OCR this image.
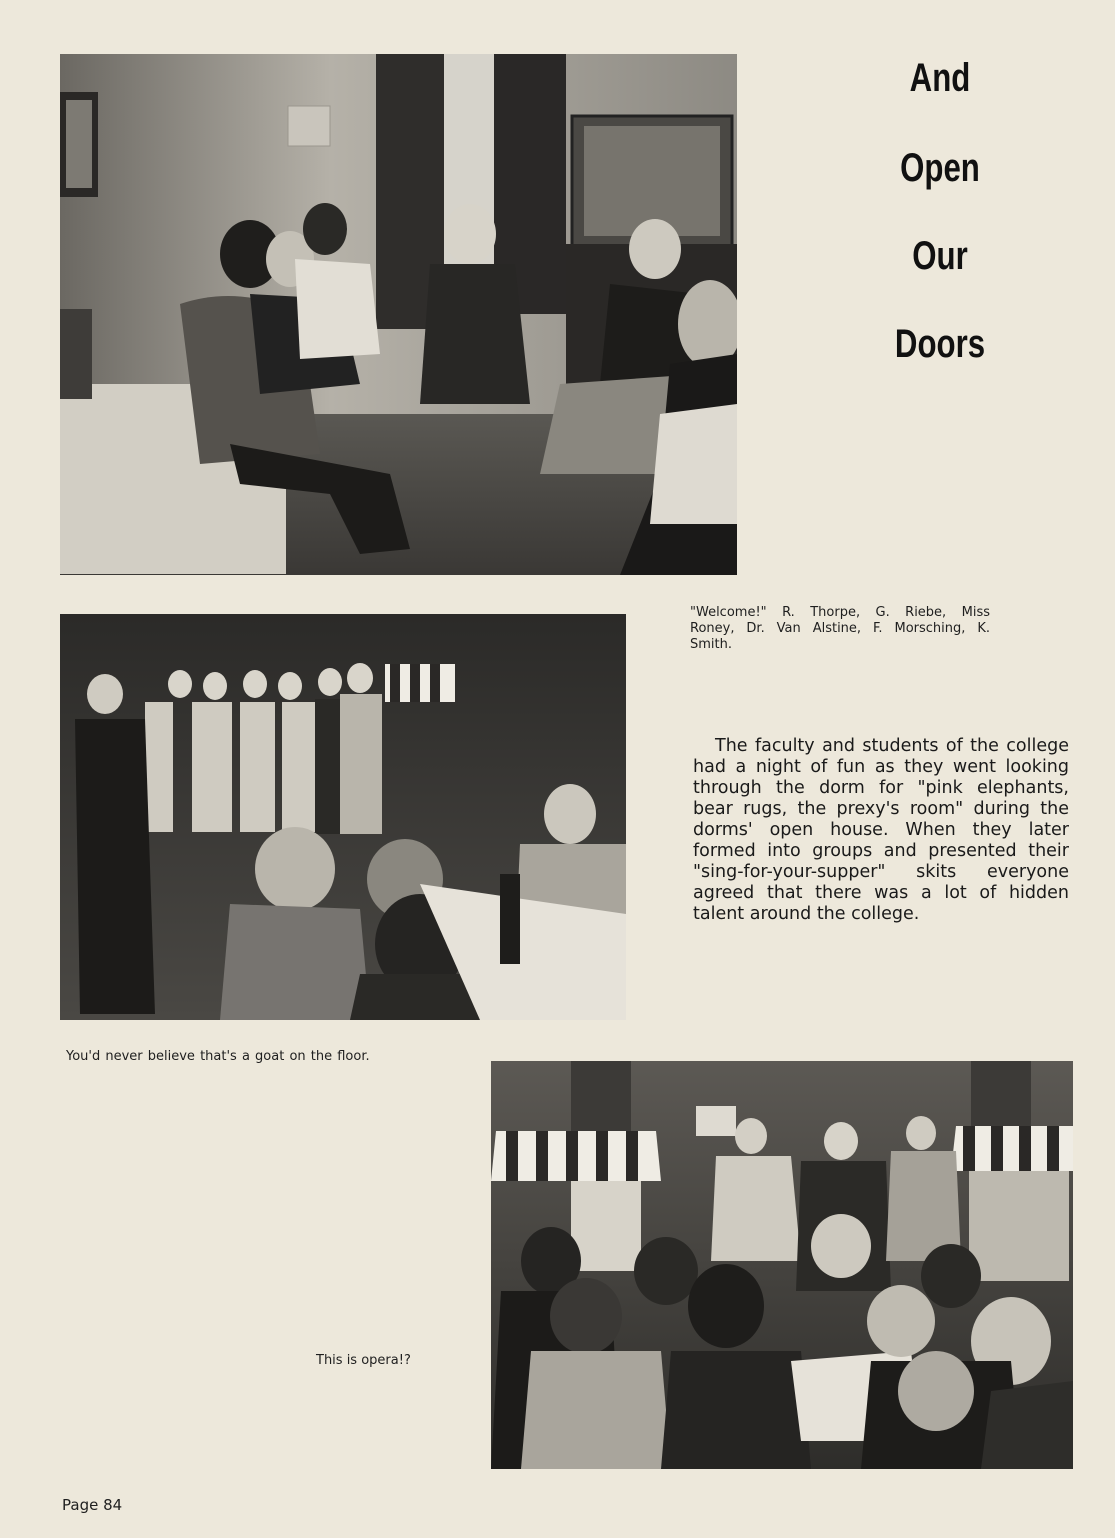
And
Open
Our
Doors
"Welcome!" R. Thorpe, G. Riebe, Miss Roney, Dr. Van Alstine, F. Morsching, K. Smith.
The faculty and students of the college had a night of fun as they went looking through the dorm for "pink elephants, bear rugs, the prexy's room" during the dorms' open house. When they later formed into groups and presented their "sing-for-your-supper" skits everyone agreed that there was a lot of hidden talent around the college.
You'd never believe that's a goat on the floor.
This is opera!?
Page 84
